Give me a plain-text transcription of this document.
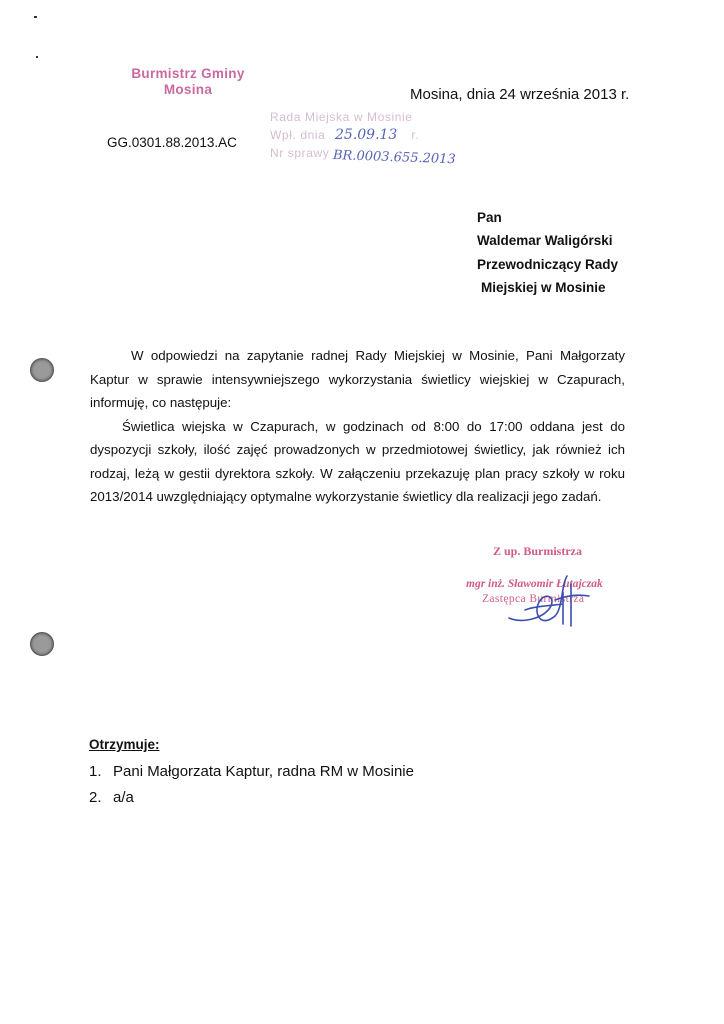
Burmistrz Gminy
Mosina	Mosina, dnia 24 września 2013 r.
Rada Miejska w Mosinie
Wpł. dnia	r.
Nr sprawy
25.09.13
BR.0003.655.2013
GG.0301.88.2013.AC
Pan
Waldemar Waligórski
Przewodniczący Rady
Miejskiej w Mosinie

W odpowiedzi na zapytanie radnej Rady Miejskiej w Mosinie, Pani Małgorzaty Kaptur w sprawie intensywniejszego wykorzystania świetlicy wiejskiej w Czapurach, informuję, co następuje:

Świetlica wiejska w Czapurach, w godzinach od 8:00 do 17:00 oddana jest do dyspozycji szkoły, ilość zajęć prowadzonych w przedmiotowej świetlicy, jak również ich rodzaj, leżą w gestii dyrektora szkoły. W załączeniu przekazuję plan pracy szkoły w roku 2013/2014 uwzględniający optymalne wykorzystanie świetlicy dla realizacji jego zadań.

Z up. Burmistrza
mgr inż. Sławomir Łutajczak
Zastępca Burmistrza
Otrzymuje:
1. Pani Małgorzata Kaptur, radna RM w Mosinie
2. a/a
